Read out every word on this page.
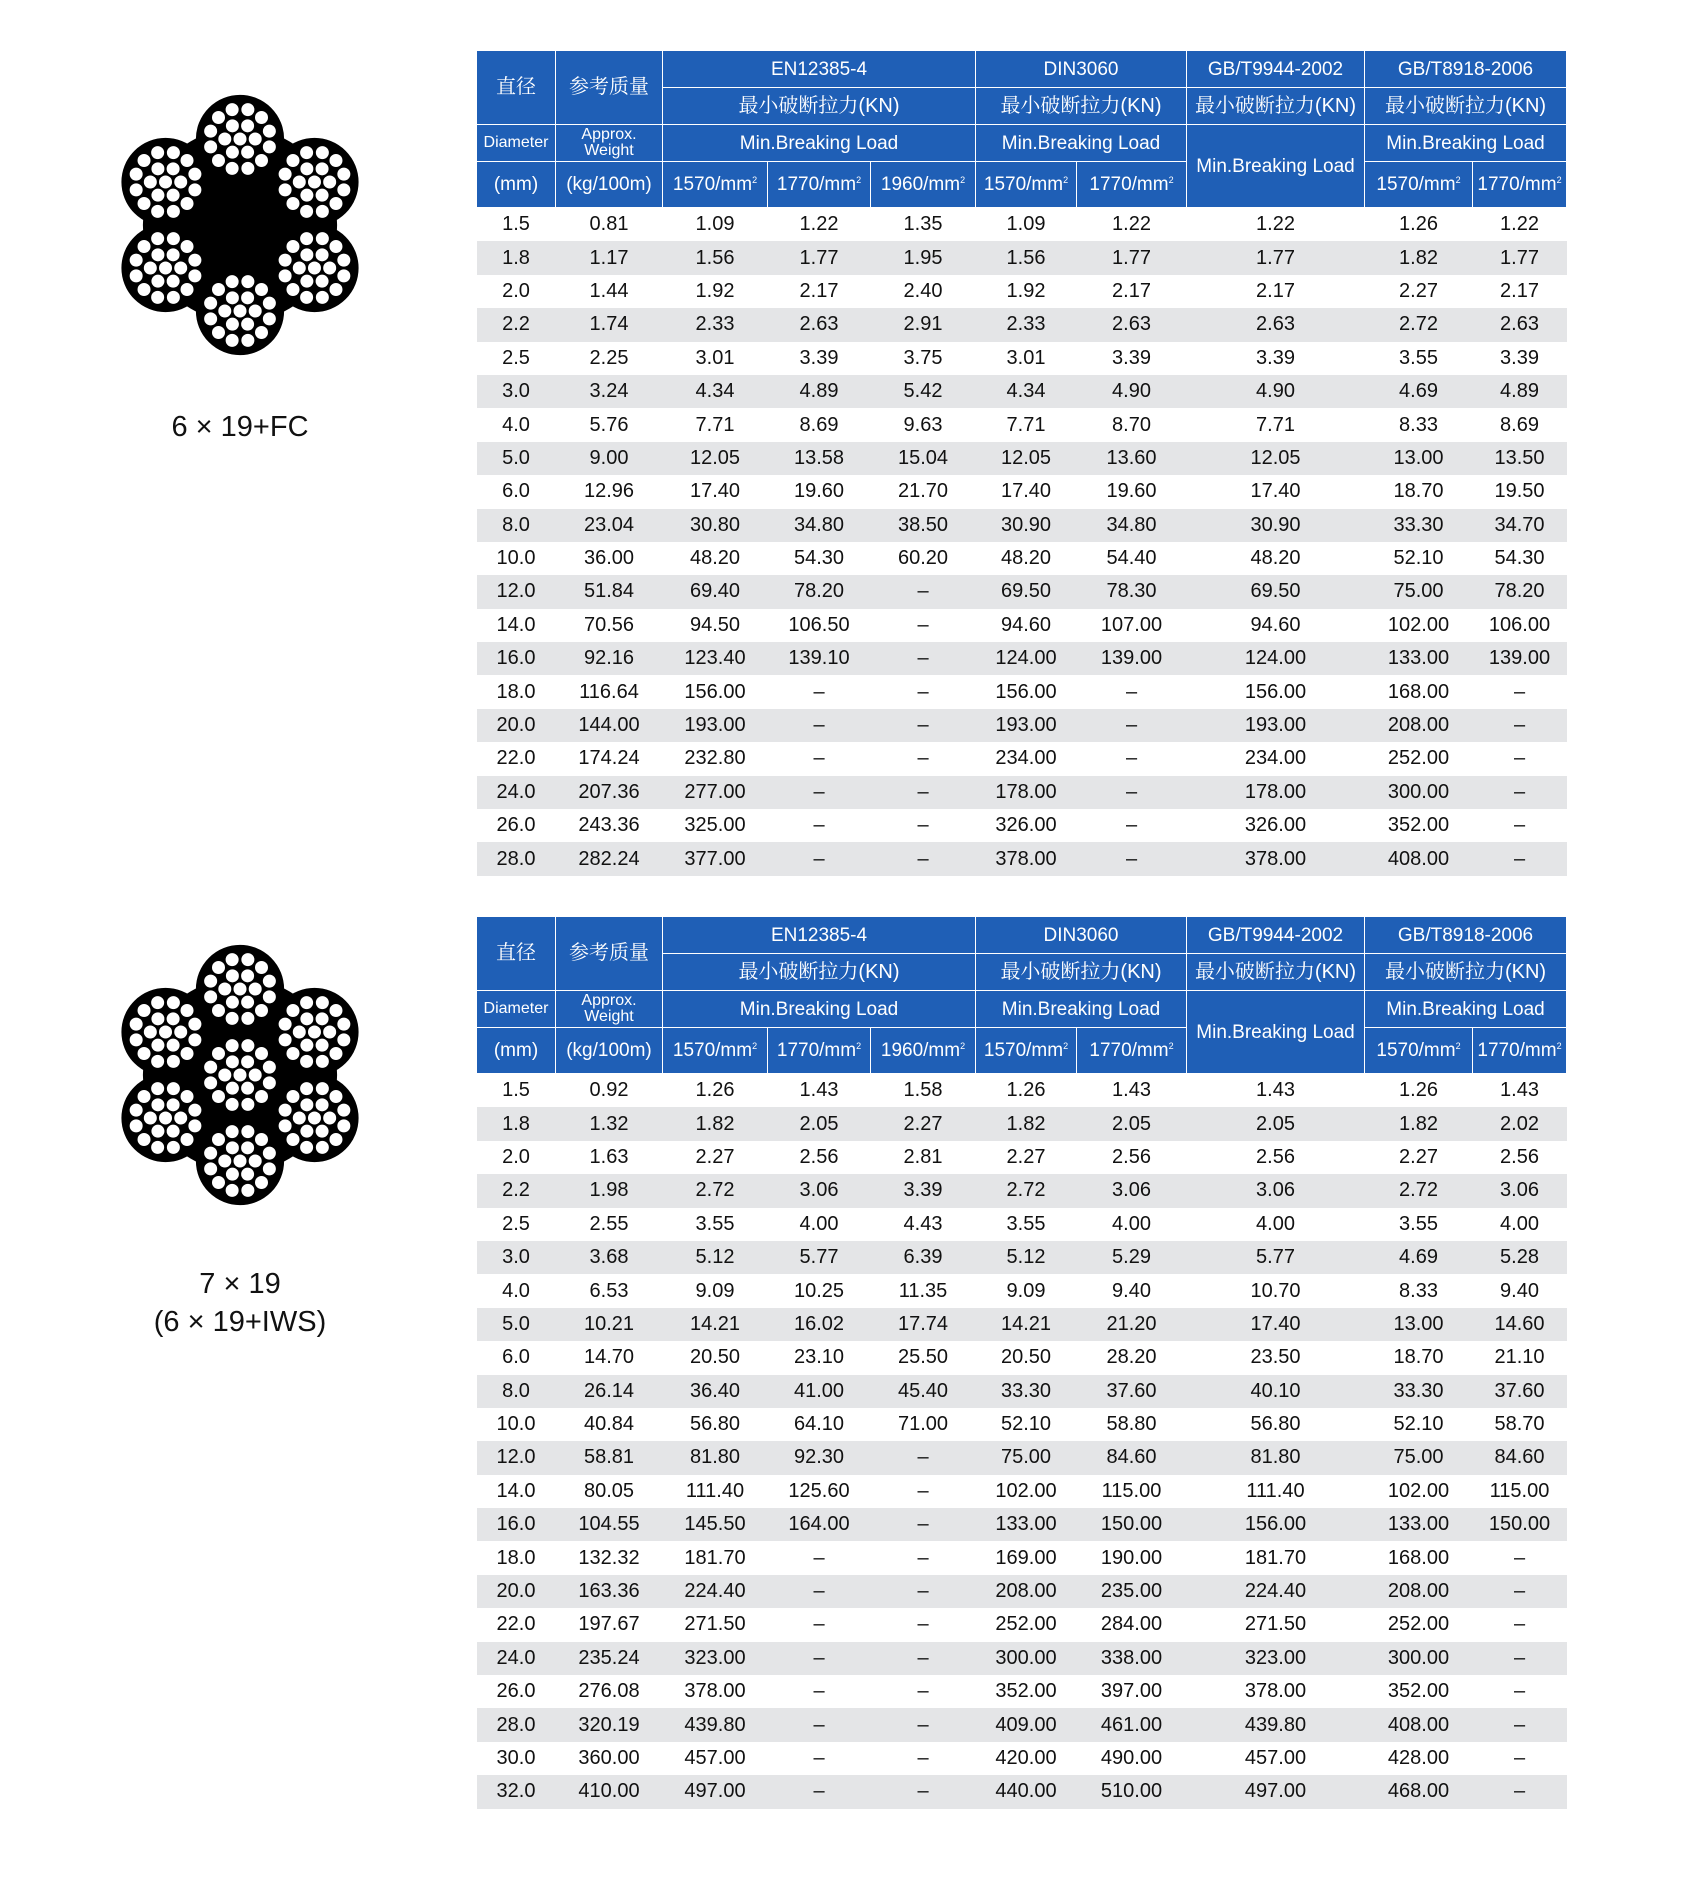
6 × 19+FC
直径	参考质量	EN12385-4			DIN3060		GB/T9944-2002	GB/T8918-2006	
		最小破断拉力(KN)			最小破断拉力(KN)		最小破断拉力(KN)	最小破断拉力(KN)	
Diameter	Approx. Weight	Min.Breaking Load			Min.Breaking Load		Min.Breaking Load	Min.Breaking Load	
(mm)	(kg/100m)	$1570/mm^2$	$1770/mm^2$	$1960/mm^2$	$1570/mm^2$	$1770/mm^2$		$1570/mm^2$	$1770/mm^2$
1.5	0.81	1.09	1.22	1.35	1.09	1.22	1.22	1.26	1.22
1.8	1.17	1.56	1.77	1.95	1.56	1.77	1.77	1.82	1.77
2.0	1.44	1.92	2.17	2.40	1.92	2.17	2.17	2.27	2.17
2.2	1.74	2.33	2.63	2.91	2.33	2.63	2.63	2.72	2.63
2.5	2.25	3.01	3.39	3.75	3.01	3.39	3.39	3.55	3.39
3.0	3.24	4.34	4.89	5.42	4.34	4.90	4.90	4.69	4.89
4.0	5.76	7.71	8.69	9.63	7.71	8.70	7.71	8.33	8.69
5.0	9.00	12.05	13.58	15.04	12.05	13.60	12.05	13.00	13.50
6.0	12.96	17.40	19.60	21.70	17.40	19.60	17.40	18.70	19.50
8.0	23.04	30.80	34.80	38.50	30.90	34.80	30.90	33.30	34.70
10.0	36.00	48.20	54.30	60.20	48.20	54.40	48.20	52.10	54.30
12.0	51.84	69.40	78.20	–	69.50	78.30	69.50	75.00	78.20
14.0	70.56	94.50	106.50	–	94.60	107.00	94.60	102.00	106.00
16.0	92.16	123.40	139.10	–	124.00	139.00	124.00	133.00	139.00
18.0	116.64	156.00	–	–	156.00	–	156.00	168.00	–
20.0	144.00	193.00	–	–	193.00	–	193.00	208.00	–
22.0	174.24	232.80	–	–	234.00	–	234.00	252.00	–
24.0	207.36	277.00	–	–	178.00	–	178.00	300.00	–
26.0	243.36	325.00	–	–	326.00	–	326.00	352.00	–
28.0	282.24	377.00	–	–	378.00	–	378.00	408.00	–
7 × 19
(6 × 19+IWS)
直径	参考质量	EN12385-4			DIN3060		GB/T9944-2002	GB/T8918-2006	
		最小破断拉力(KN)			最小破断拉力(KN)		最小破断拉力(KN)	最小破断拉力(KN)	
Diameter	Approx. Weight	Min.Breaking Load			Min.Breaking Load		Min.Breaking Load	Min.Breaking Load	
(mm)	(kg/100m)	$1570/mm^2$	$1770/mm^2$	$1960/mm^2$	$1570/mm^2$	$1770/mm^2$		$1570/mm^2$	$1770/mm^2$
1.5	0.92	1.26	1.43	1.58	1.26	1.43	1.43	1.26	1.43
1.8	1.32	1.82	2.05	2.27	1.82	2.05	2.05	1.82	2.02
2.0	1.63	2.27	2.56	2.81	2.27	2.56	2.56	2.27	2.56
2.2	1.98	2.72	3.06	3.39	2.72	3.06	3.06	2.72	3.06
2.5	2.55	3.55	4.00	4.43	3.55	4.00	4.00	3.55	4.00
3.0	3.68	5.12	5.77	6.39	5.12	5.29	5.77	4.69	5.28
4.0	6.53	9.09	10.25	11.35	9.09	9.40	10.70	8.33	9.40
5.0	10.21	14.21	16.02	17.74	14.21	21.20	17.40	13.00	14.60
6.0	14.70	20.50	23.10	25.50	20.50	28.20	23.50	18.70	21.10
8.0	26.14	36.40	41.00	45.40	33.30	37.60	40.10	33.30	37.60
10.0	40.84	56.80	64.10	71.00	52.10	58.80	56.80	52.10	58.70
12.0	58.81	81.80	92.30	–	75.00	84.60	81.80	75.00	84.60
14.0	80.05	111.40	125.60	–	102.00	115.00	111.40	102.00	115.00
16.0	104.55	145.50	164.00	–	133.00	150.00	156.00	133.00	150.00
18.0	132.32	181.70	–	–	169.00	190.00	181.70	168.00	–
20.0	163.36	224.40	–	–	208.00	235.00	224.40	208.00	–
22.0	197.67	271.50	–	–	252.00	284.00	271.50	252.00	–
24.0	235.24	323.00	–	–	300.00	338.00	323.00	300.00	–
26.0	276.08	378.00	–	–	352.00	397.00	378.00	352.00	–
28.0	320.19	439.80	–	–	409.00	461.00	439.80	408.00	–
30.0	360.00	457.00	–	–	420.00	490.00	457.00	428.00	–
32.0	410.00	497.00	–	–	440.00	510.00	497.00	468.00	–
